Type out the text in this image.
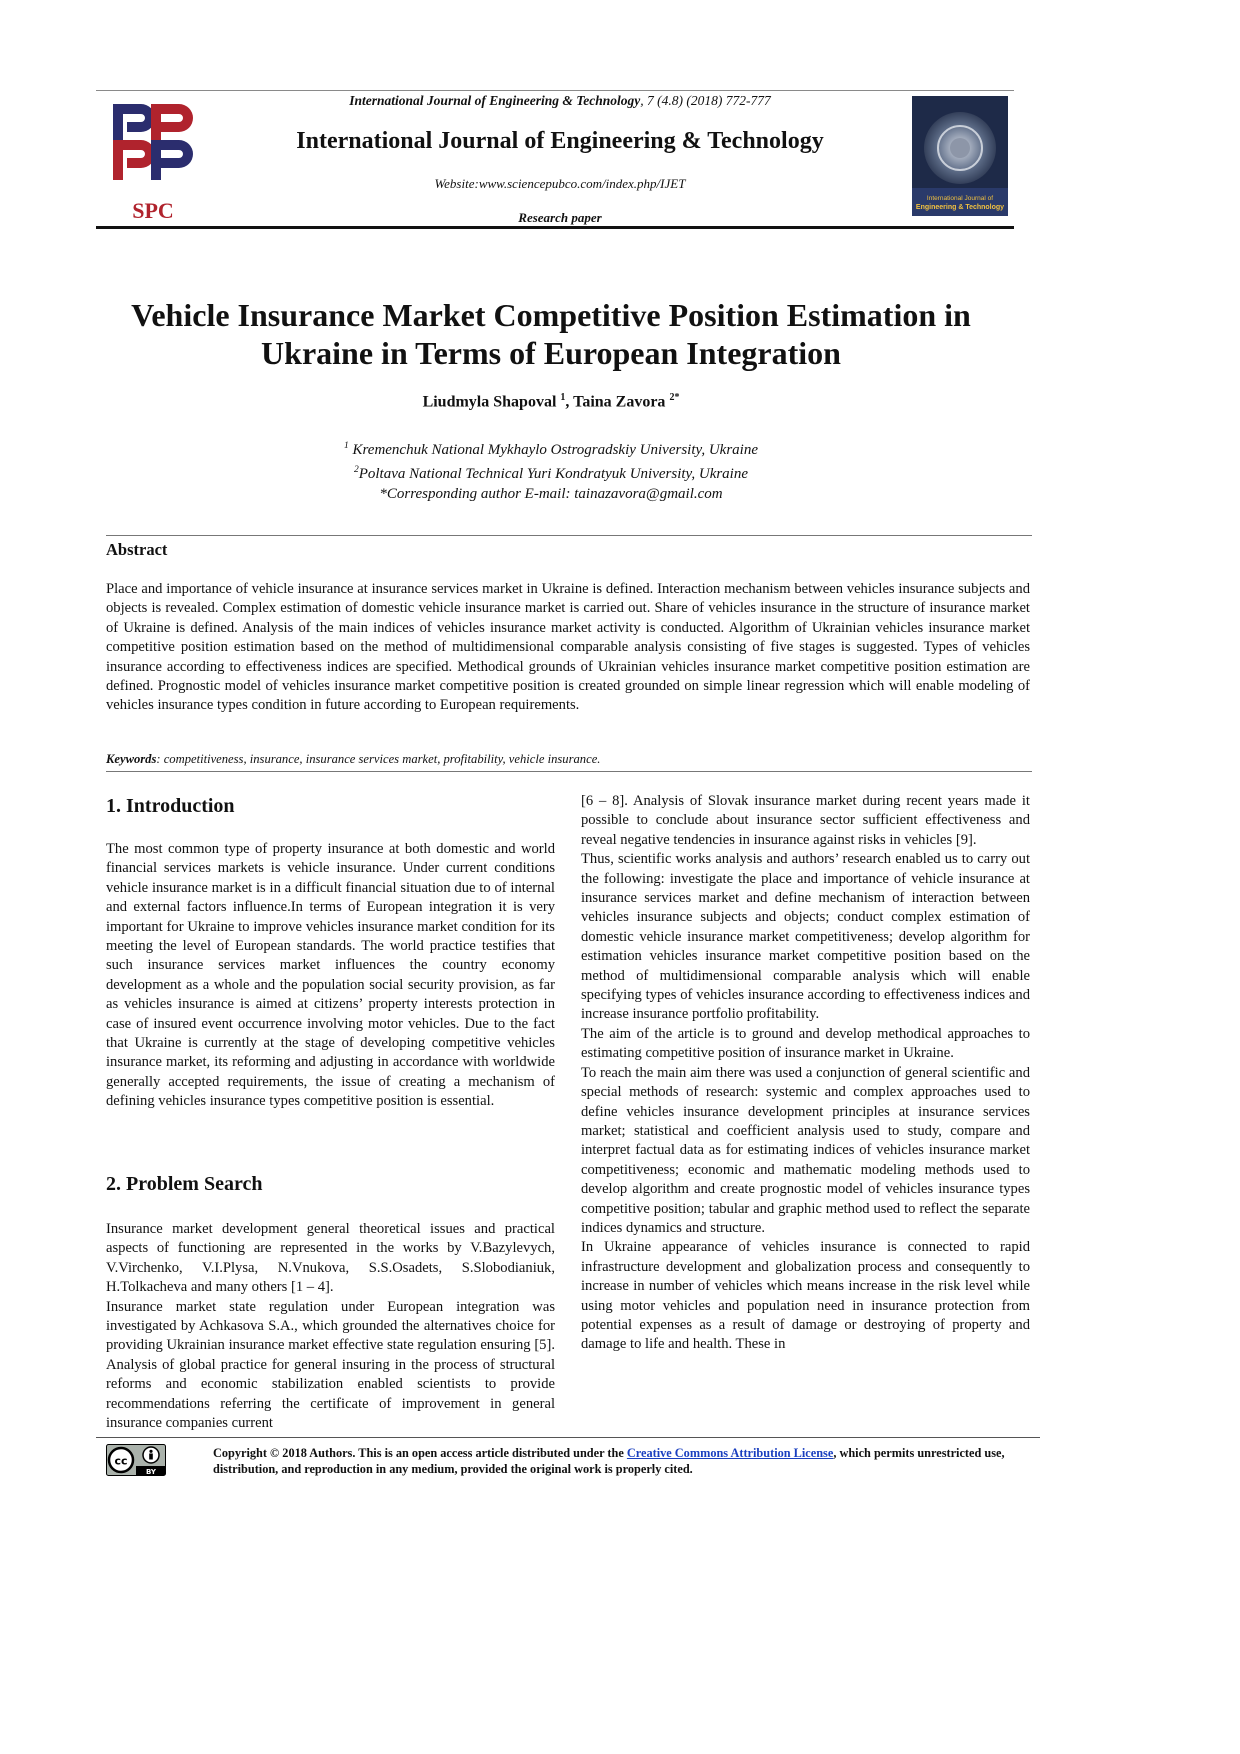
SPC
International Journal of Engineering & Technology, 7 (4.8) (2018) 772-777
International Journal of Engineering & Technology
Website:www.sciencepubco.com/index.php/IJET
Research paper
International Journal of
Engineering & Technology
Vehicle Insurance Market Competitive Position Estimation in
Ukraine in Terms of European Integration
Liudmyla Shapoval $^1$, Taina Zavora $^{2*}$
$^1$ Kremenchuk National Mykhaylo Ostrogradskiy University, Ukraine
$^2$Poltava National Technical Yuri Kondratyuk University, Ukraine
*Corresponding author E-mail: tainazavora@gmail.com
Abstract
Place and importance of vehicle insurance at insurance services market in Ukraine is defined. Interaction mechanism between vehicles insurance subjects and objects is revealed. Complex estimation of domestic vehicle insurance market is carried out. Share of vehicles insurance in the structure of insurance market of Ukraine is defined. Analysis of the main indices of vehicles insurance market activity is conducted. Algorithm of Ukrainian vehicles insurance market competitive position estimation based on the method of multidimensional comparable analysis consisting of five stages is suggested. Types of vehicles insurance according to effectiveness indices are specified. Methodical grounds of Ukrainian vehicles insurance market competitive position estimation are defined. Prognostic model of vehicles insurance market competitive position is created grounded on simple linear regression which will enable modeling of vehicles insurance types condition in future according to European requirements.
Keywords: competitiveness, insurance, insurance services market, profitability, vehicle insurance.
1. Introduction

The most common type of property insurance at both domestic and world financial services markets is vehicle insurance. Under current conditions vehicle insurance market is in a difficult financial situation due to of internal and external factors influence.In terms of European integration it is very important for Ukraine to improve vehicles insurance market condition for its meeting the level of European standards. The world practice testifies that such insurance services market influences the country economy development as a whole and the population social security provision, as far as vehicles insurance is aimed at citizens’ property interests protection in case of insured event occurrence involving motor vehicles. Due to the fact that Ukraine is currently at the stage of developing competitive vehicles insurance market, its reforming and adjusting in accordance with worldwide generally accepted requirements, the issue of creating a mechanism of defining vehicles insurance types competitive position is essential.

2. Problem Search

Insurance market development general theoretical issues and practical aspects of functioning are represented in the works by V.Bazylevych, V.Virchenko, V.I.Plysa, N.Vnukova, S.S.Osadets, S.Slobodianiuk, H.Tolkacheva and many others [1 – 4].

Insurance market state regulation under European integration was investigated by Achkasova S.A., which grounded the alternatives choice for providing Ukrainian insurance market effective state regulation ensuring [5]. Analysis of global practice for general insuring in the process of structural reforms and economic stabilization enabled scientists to provide recommendations referring the certificate of improvement in general insurance companies current

[6 – 8]. Analysis of Slovak insurance market during recent years made it possible to conclude about insurance sector sufficient effectiveness and reveal negative tendencies in insurance against risks in vehicles [9].

Thus, scientific works analysis and authors’ research enabled us to carry out the following: investigate the place and importance of vehicle insurance at insurance services market and define mechanism of interaction between vehicles insurance subjects and objects; conduct complex estimation of domestic vehicle insurance market competitiveness; develop algorithm for estimation vehicles insurance market competitive position based on the method of multidimensional comparable analysis which will enable specifying types of vehicles insurance according to effectiveness indices and increase insurance portfolio profitability.

The aim of the article is to ground and develop methodical approaches to estimating competitive position of insurance market in Ukraine.

To reach the main aim there was used a conjunction of general scientific and special methods of research: systemic and complex approaches used to define vehicles insurance development principles at insurance services market; statistical and coefficient analysis used to study, compare and interpret factual data as for estimating indices of vehicles insurance market competitiveness; economic and mathematic modeling methods used to develop algorithm and create prognostic model of vehicles insurance types competitive position; tabular and graphic method used to reflect the separate indices dynamics and structure.

In Ukraine appearance of vehicles insurance is connected to rapid infrastructure development and globalization process and consequently to increase in number of vehicles which means increase in the risk level while using motor vehicles and population need in insurance protection from potential expenses as a result of damage or destroying of property and damage to life and health. These in

cc
BY
Copyright © 2018 Authors. This is an open access article distributed under the Creative Commons Attribution License, which permits unrestricted use, distribution, and reproduction in any medium, provided the original work is properly cited.
